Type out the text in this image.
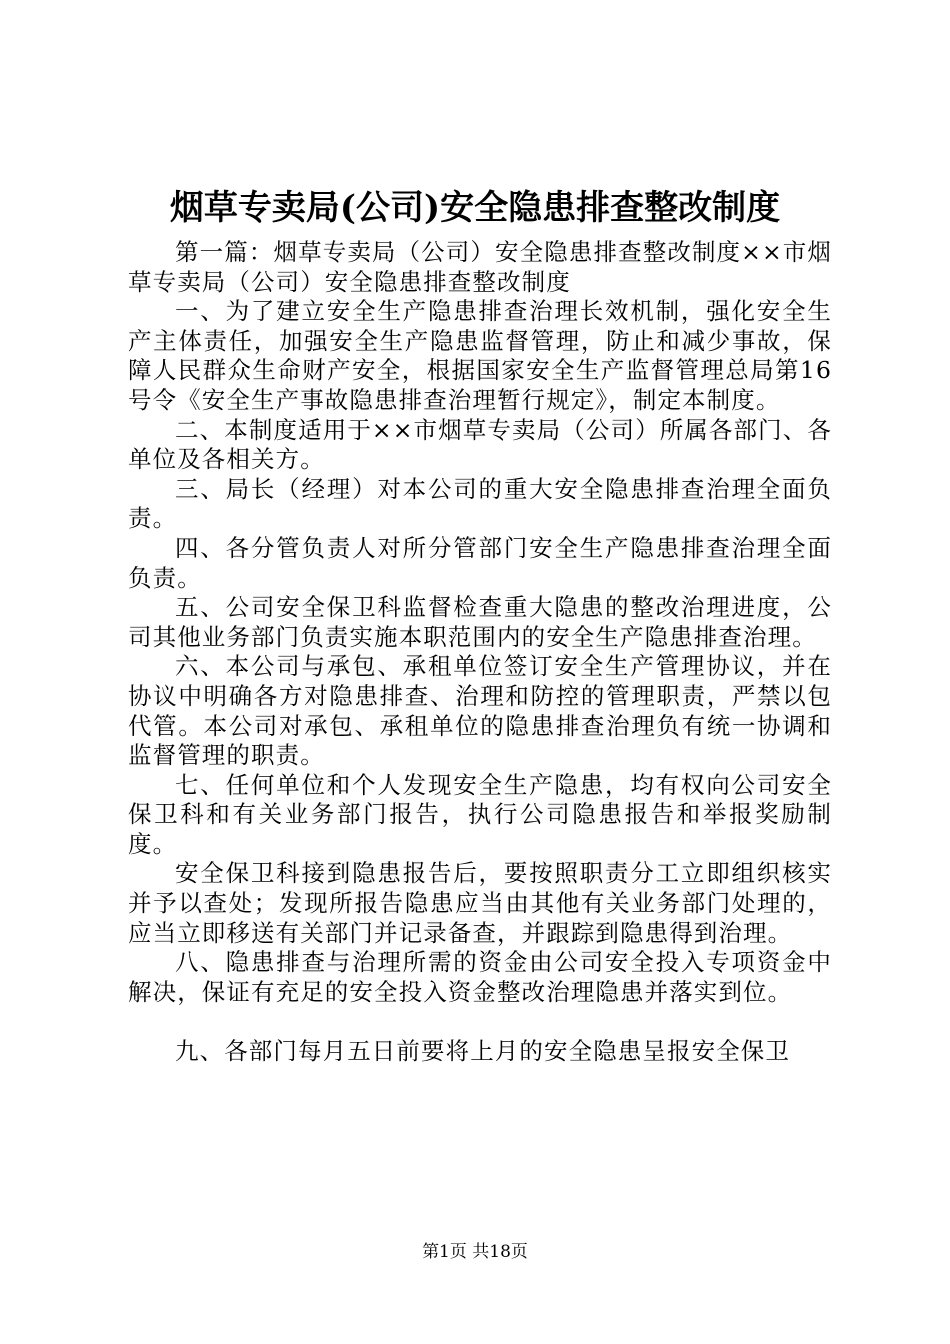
烟草专卖局(公司)安全隐患排查整改制度

第一篇：烟草专卖局（公司）安全隐患排查整改制度××市烟草专卖局（公司）安全隐患排查整改制度

一、为了建立安全生产隐患排查治理长效机制，强化安全生产主体责任，加强安全生产隐患监督管理，防止和减少事故，保障人民群众生命财产安全，根据国家安全生产监督管理总局第16号令《安全生产事故隐患排查治理暂行规定》，制定本制度。

二、本制度适用于××市烟草专卖局（公司）所属各部门、各单位及各相关方。

三、局长（经理）对本公司的重大安全隐患排查治理全面负责。

四、各分管负责人对所分管部门安全生产隐患排查治理全面负责。

五、公司安全保卫科监督检查重大隐患的整改治理进度，公司其他业务部门负责实施本职范围内的安全生产隐患排查治理。

六、本公司与承包、承租单位签订安全生产管理协议，并在协议中明确各方对隐患排查、治理和防控的管理职责，严禁以包代管。本公司对承包、承租单位的隐患排查治理负有统一协调和监督管理的职责。

七、任何单位和个人发现安全生产隐患，均有权向公司安全保卫科和有关业务部门报告，执行公司隐患报告和举报奖励制度。

安全保卫科接到隐患报告后，要按照职责分工立即组织核实并予以查处；发现所报告隐患应当由其他有关业务部门处理的，应当立即移送有关部门并记录备查，并跟踪到隐患得到治理。

八、隐患排查与治理所需的资金由公司安全投入专项资金中解决，保证有充足的安全投入资金整改治理隐患并落实到位。

九、各部门每月五日前要将上月的安全隐患呈报安全保卫

第1页 共18页
